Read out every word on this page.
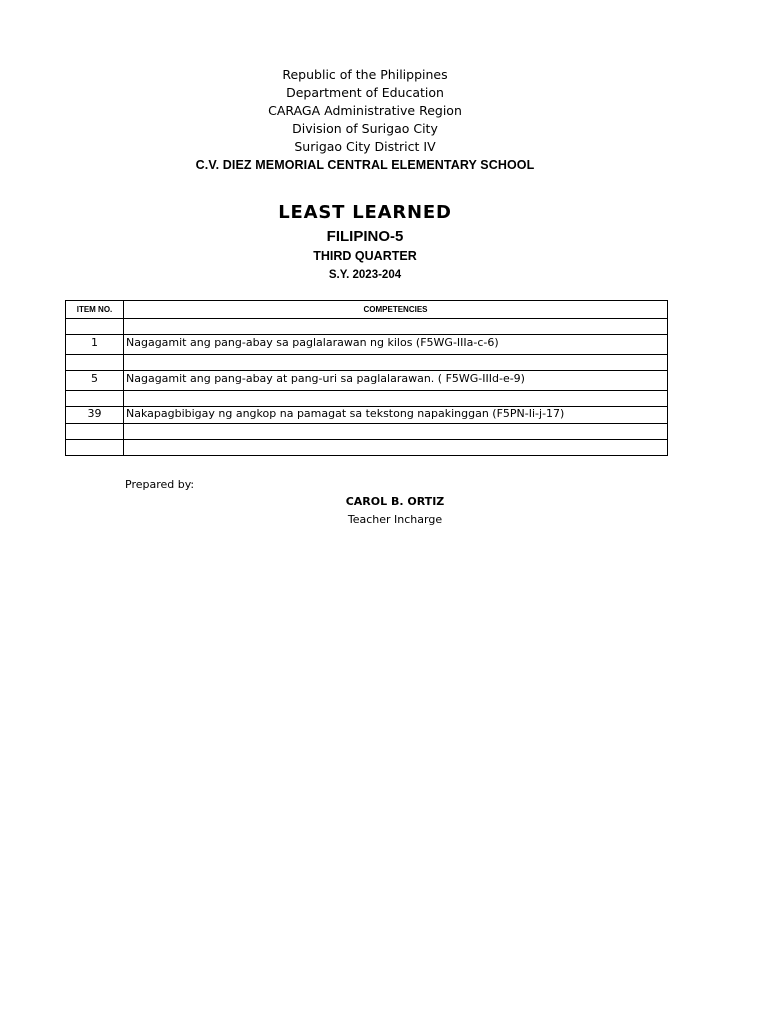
Republic of the Philippines
Department of Education
CARAGA Administrative Region
Division of Surigao City
Surigao City District IV
C.V. DIEZ MEMORIAL CENTRAL ELEMENTARY SCHOOL
LEAST LEARNED
FILIPINO-5
THIRD QUARTER
S.Y. 2023-204
ITEM NO.	COMPETENCIES

1	Nagagamit ang pang-abay sa paglalarawan ng kilos (F5WG-IIIa-c-6)

5	Nagagamit ang pang-abay at pang-uri sa paglalarawan. ( F5WG-IIId-e-9)

39	Nakapagbibigay ng angkop na pamagat sa tekstong napakinggan (F5PN-Ii-j-17)

Prepared by:
CAROL B. ORTIZ
Teacher Incharge
